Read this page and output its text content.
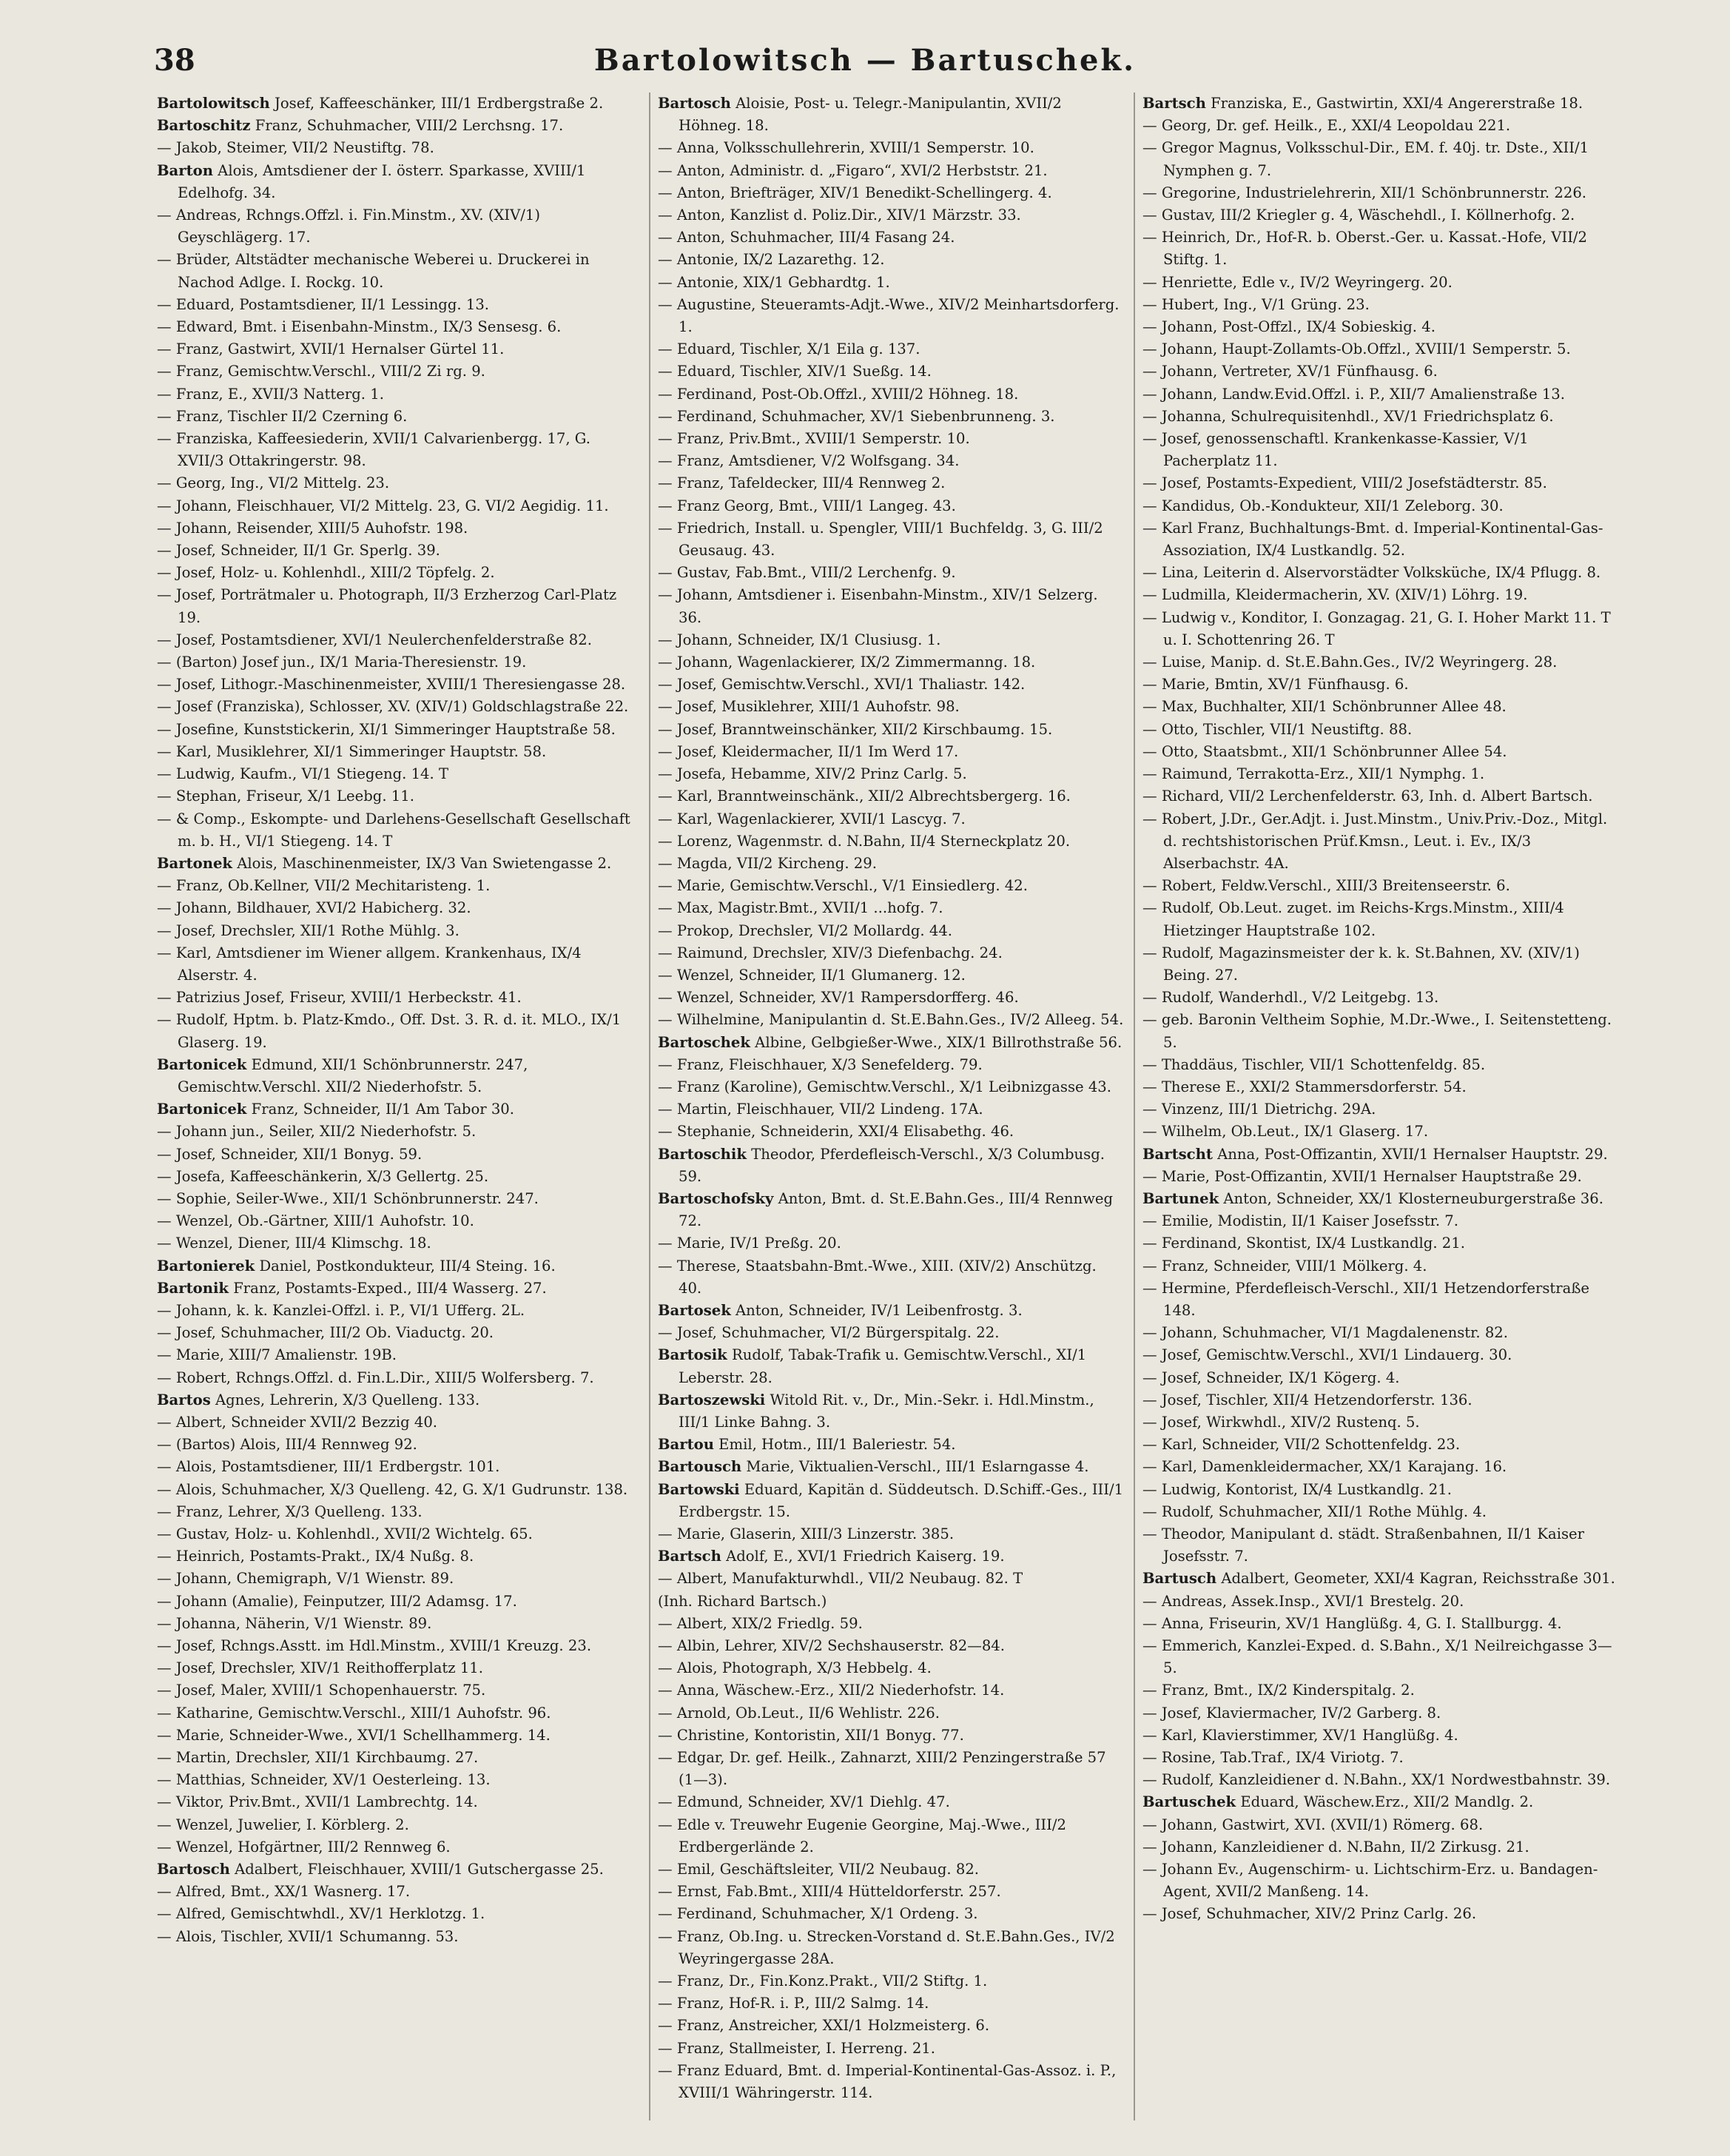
38	Bartolowitsch — Bartuschek.
Bartolowitsch Josef, Kaffeeschänker, III/1 Erdbergstraße 2.
Bartoschitz Franz, Schuhmacher, VIII/2 Lerchsng. 17.
— Jakob, Steimer, VII/2 Neustiftg. 78.
Barton Alois, Amtsdiener der I. österr. Sparkasse, XVIII/1 Edelhofg. 34.
— Andreas, Rchngs.Offzl. i. Fin.Minstm., XV. (XIV/1) Geyschlägerg. 17.
— Brüder, Altstädter mechanische Weberei u. Druckerei in Nachod Adlge. I. Rockg. 10.
— Eduard, Postamtsdiener, II/1 Lessingg. 13.
— Edward, Bmt. i Eisenbahn-Minstm., IX/3 Sensesg. 6.
— Franz, Gastwirt, XVII/1 Hernalser Gürtel 11.
— Franz, Gemischtw.Verschl., VIII/2 Zi rg. 9.
— Franz, E., XVII/3 Natterg. 1.
— Franz, Tischler II/2 Czerning 6.
— Franziska, Kaffeesiederin, XVII/1 Calvarienbergg. 17, G. XVII/3 Ottakringerstr. 98.
— Georg, Ing., VI/2 Mittelg. 23.
— Johann, Fleischhauer, VI/2 Mittelg. 23, G. VI/2 Aegidig. 11.
— Johann, Reisender, XIII/5 Auhofstr. 198.
— Josef, Schneider, II/1 Gr. Sperlg. 39.
— Josef, Holz- u. Kohlenhdl., XIII/2 Töpfelg. 2.
— Josef, Porträtmaler u. Photograph, II/3 Erzherzog Carl-Platz 19.
— Josef, Postamtsdiener, XVI/1 Neulerchenfelderstraße 82.
— (Barton) Josef jun., IX/1 Maria-Theresienstr. 19.
— Josef, Lithogr.-Maschinenmeister, XVIII/1 Theresiengasse 28.
— Josef (Franziska), Schlosser, XV. (XIV/1) Goldschlagstraße 22.
— Josefine, Kunststickerin, XI/1 Simmeringer Hauptstraße 58.
— Karl, Musiklehrer, XI/1 Simmeringer Hauptstr. 58.
— Ludwig, Kaufm., VI/1 Stiegeng. 14. T
— Stephan, Friseur, X/1 Leebg. 11.
— & Comp., Eskompte- und Darlehens-Gesellschaft Gesellschaft m. b. H., VI/1 Stiegeng. 14. T
Bartonek Alois, Maschinenmeister, IX/3 Van Swietengasse 2.
— Franz, Ob.Kellner, VII/2 Mechitaristeng. 1.
— Johann, Bildhauer, XVI/2 Habicherg. 32.
— Josef, Drechsler, XII/1 Rothe Mühlg. 3.
— Karl, Amtsdiener im Wiener allgem. Krankenhaus, IX/4 Alserstr. 4.
— Patrizius Josef, Friseur, XVIII/1 Herbeckstr. 41.
— Rudolf, Hptm. b. Platz-Kmdo., Off. Dst. 3. R. d. it. MLO., IX/1 Glaserg. 19.
Bartonicek Edmund, XII/1 Schönbrunnerstr. 247, Gemischtw.Verschl. XII/2 Niederhofstr. 5.
Bartonicek Franz, Schneider, II/1 Am Tabor 30.
— Johann jun., Seiler, XII/2 Niederhofstr. 5.
— Josef, Schneider, XII/1 Bonyg. 59.
— Josefa, Kaffeeschänkerin, X/3 Gellertg. 25.
— Sophie, Seiler-Wwe., XII/1 Schönbrunnerstr. 247.
— Wenzel, Ob.-Gärtner, XIII/1 Auhofstr. 10.
— Wenzel, Diener, III/4 Klimschg. 18.
Bartonierek Daniel, Postkondukteur, III/4 Steing. 16.
Bartonik Franz, Postamts-Exped., III/4 Wasserg. 27.
— Johann, k. k. Kanzlei-Offzl. i. P., VI/1 Ufferg. 2L.
— Josef, Schuhmacher, III/2 Ob. Viaductg. 20.
— Marie, XIII/7 Amalienstr. 19B.
— Robert, Rchngs.Offzl. d. Fin.L.Dir., XIII/5 Wolfersberg. 7.
Bartos Agnes, Lehrerin, X/3 Quelleng. 133.
— Albert, Schneider XVII/2 Bezzig 40.
— (Bartos) Alois, III/4 Rennweg 92.
— Alois, Postamtsdiener, III/1 Erdbergstr. 101.
— Alois, Schuhmacher, X/3 Quelleng. 42, G. X/1 Gudrunstr. 138.
— Franz, Lehrer, X/3 Quelleng. 133.
— Gustav, Holz- u. Kohlenhdl., XVII/2 Wichtelg. 65.
— Heinrich, Postamts-Prakt., IX/4 Nußg. 8.
— Johann, Chemigraph, V/1 Wienstr. 89.
— Johann (Amalie), Feinputzer, III/2 Adamsg. 17.
— Johanna, Näherin, V/1 Wienstr. 89.
— Josef, Rchngs.Asstt. im Hdl.Minstm., XVIII/1 Kreuzg. 23.
— Josef, Drechsler, XIV/1 Reithofferplatz 11.
— Josef, Maler, XVIII/1 Schopenhauerstr. 75.
— Katharine, Gemischtw.Verschl., XIII/1 Auhofstr. 96.
— Marie, Schneider-Wwe., XVI/1 Schellhammerg. 14.
— Martin, Drechsler, XII/1 Kirchbaumg. 27.
— Matthias, Schneider, XV/1 Oesterleing. 13.
— Viktor, Priv.Bmt., XVII/1 Lambrechtg. 14.
— Wenzel, Juwelier, I. Körblerg. 2.
— Wenzel, Hofgärtner, III/2 Rennweg 6.
Bartosch Adalbert, Fleischhauer, XVIII/1 Gutschergasse 25.
— Alfred, Bmt., XX/1 Wasnerg. 17.
— Alfred, Gemischtwhdl., XV/1 Herklotzg. 1.
— Alois, Tischler, XVII/1 Schumanng. 53.
Bartosch Aloisie, Post- u. Telegr.-Manipulantin, XVII/2 Höhneg. 18.
— Anna, Volksschullehrerin, XVIII/1 Semperstr. 10.
— Anton, Administr. d. „Figaro“, XVI/2 Herbststr. 21.
— Anton, Briefträger, XIV/1 Benedikt-Schellingerg. 4.
— Anton, Kanzlist d. Poliz.Dir., XIV/1 Märzstr. 33.
— Anton, Schuhmacher, III/4 Fasang 24.
— Antonie, IX/2 Lazarethg. 12.
— Antonie, XIX/1 Gebhardtg. 1.
— Augustine, Steueramts-Adjt.-Wwe., XIV/2 Meinhartsdorferg. 1.
— Eduard, Tischler, X/1 Eila g. 137.
— Eduard, Tischler, XIV/1 Sueßg. 14.
— Ferdinand, Post-Ob.Offzl., XVIII/2 Höhneg. 18.
— Ferdinand, Schuhmacher, XV/1 Siebenbrunneng. 3.
— Franz, Priv.Bmt., XVIII/1 Semperstr. 10.
— Franz, Amtsdiener, V/2 Wolfsgang. 34.
— Franz, Tafeldecker, III/4 Rennweg 2.
— Franz Georg, Bmt., VIII/1 Langeg. 43.
— Friedrich, Install. u. Spengler, VIII/1 Buchfeldg. 3, G. III/2 Geusaug. 43.
— Gustav, Fab.Bmt., VIII/2 Lerchenfg. 9.
— Johann, Amtsdiener i. Eisenbahn-Minstm., XIV/1 Selzerg. 36.
— Johann, Schneider, IX/1 Clusiusg. 1.
— Johann, Wagenlackierer, IX/2 Zimmermanng. 18.
— Josef, Gemischtw.Verschl., XVI/1 Thaliastr. 142.
— Josef, Musiklehrer, XIII/1 Auhofstr. 98.
— Josef, Branntweinschänker, XII/2 Kirschbaumg. 15.
— Josef, Kleidermacher, II/1 Im Werd 17.
— Josefa, Hebamme, XIV/2 Prinz Carlg. 5.
— Karl, Branntweinschänk., XII/2 Albrechtsbergerg. 16.
— Karl, Wagenlackierer, XVII/1 Lascyg. 7.
— Lorenz, Wagenmstr. d. N.Bahn, II/4 Sterneckplatz 20.
— Magda, VII/2 Kircheng. 29.
— Marie, Gemischtw.Verschl., V/1 Einsiedlerg. 42.
— Max, Magistr.Bmt., XVII/1 ...hofg. 7.
— Prokop, Drechsler, VI/2 Mollardg. 44.
— Raimund, Drechsler, XIV/3 Diefenbachg. 24.
— Wenzel, Schneider, II/1 Glumanerg. 12.
— Wenzel, Schneider, XV/1 Rampersdorfferg. 46.
— Wilhelmine, Manipulantin d. St.E.Bahn.Ges., IV/2 Alleeg. 54.
Bartoschek Albine, Gelbgießer-Wwe., XIX/1 Billrothstraße 56.
— Franz, Fleischhauer, X/3 Senefelderg. 79.
— Franz (Karoline), Gemischtw.Verschl., X/1 Leibnizgasse 43.
— Martin, Fleischhauer, VII/2 Lindeng. 17A.
— Stephanie, Schneiderin, XXI/4 Elisabethg. 46.
Bartoschik Theodor, Pferdefleisch-Verschl., X/3 Columbusg. 59.
Bartoschofsky Anton, Bmt. d. St.E.Bahn.Ges., III/4 Rennweg 72.
— Marie, IV/1 Preßg. 20.
— Therese, Staatsbahn-Bmt.-Wwe., XIII. (XIV/2) Anschützg. 40.
Bartosek Anton, Schneider, IV/1 Leibenfrostg. 3.
— Josef, Schuhmacher, VI/2 Bürgerspitalg. 22.
Bartosik Rudolf, Tabak-Trafik u. Gemischtw.Verschl., XI/1 Leberstr. 28.
Bartoszewski Witold Rit. v., Dr., Min.-Sekr. i. Hdl.Minstm., III/1 Linke Bahng. 3.
Bartou Emil, Hotm., III/1 Baleriestr. 54.
Bartousch Marie, Viktualien-Verschl., III/1 Eslarngasse 4.
Bartowski Eduard, Kapitän d. Süddeutsch. D.Schiff.-Ges., III/1 Erdbergstr. 15.
— Marie, Glaserin, XIII/3 Linzerstr. 385.
Bartsch Adolf, E., XVI/1 Friedrich Kaiserg. 19.
— Albert, Manufakturwhdl., VII/2 Neubaug. 82. T
(Inh. Richard Bartsch.)
— Albert, XIX/2 Friedlg. 59.
— Albin, Lehrer, XIV/2 Sechshauserstr. 82—84.
— Alois, Photograph, X/3 Hebbelg. 4.
— Anna, Wäschew.-Erz., XII/2 Niederhofstr. 14.
— Arnold, Ob.Leut., II/6 Wehlistr. 226.
— Christine, Kontoristin, XII/1 Bonyg. 77.
— Edgar, Dr. gef. Heilk., Zahnarzt, XIII/2 Penzingerstraße 57 (1—3).
— Edmund, Schneider, XV/1 Diehlg. 47.
— Edle v. Treuwehr Eugenie Georgine, Maj.-Wwe., III/2 Erdbergerlände 2.
— Emil, Geschäftsleiter, VII/2 Neubaug. 82.
— Ernst, Fab.Bmt., XIII/4 Hütteldorferstr. 257.
— Ferdinand, Schuhmacher, X/1 Ordeng. 3.
— Franz, Ob.Ing. u. Strecken-Vorstand d. St.E.Bahn.Ges., IV/2 Weyringergasse 28A.
— Franz, Dr., Fin.Konz.Prakt., VII/2 Stiftg. 1.
— Franz, Hof-R. i. P., III/2 Salmg. 14.
— Franz, Anstreicher, XXI/1 Holzmeisterg. 6.
— Franz, Stallmeister, I. Herreng. 21.
— Franz Eduard, Bmt. d. Imperial-Kontinental-Gas-Assoz. i. P., XVIII/1 Währingerstr. 114.
Bartsch Franziska, E., Gastwirtin, XXI/4 Angererstraße 18.
— Georg, Dr. gef. Heilk., E., XXI/4 Leopoldau 221.
— Gregor Magnus, Volksschul-Dir., EM. f. 40j. tr. Dste., XII/1 Nymphen g. 7.
— Gregorine, Industrielehrerin, XII/1 Schönbrunnerstr. 226.
— Gustav, III/2 Kriegler g. 4, Wäschehdl., I. Köllnerhofg. 2.
— Heinrich, Dr., Hof-R. b. Oberst.-Ger. u. Kassat.-Hofe, VII/2 Stiftg. 1.
— Henriette, Edle v., IV/2 Weyringerg. 20.
— Hubert, Ing., V/1 Grüng. 23.
— Johann, Post-Offzl., IX/4 Sobieskig. 4.
— Johann, Haupt-Zollamts-Ob.Offzl., XVIII/1 Semperstr. 5.
— Johann, Vertreter, XV/1 Fünfhausg. 6.
— Johann, Landw.Evid.Offzl. i. P., XII/7 Amalienstraße 13.
— Johanna, Schulrequisitenhdl., XV/1 Friedrichsplatz 6.
— Josef, genossenschaftl. Krankenkasse-Kassier, V/1 Pacherplatz 11.
— Josef, Postamts-Expedient, VIII/2 Josefstädterstr. 85.
— Kandidus, Ob.-Kondukteur, XII/1 Zeleborg. 30.
— Karl Franz, Buchhaltungs-Bmt. d. Imperial-Kontinental-Gas-Assoziation, IX/4 Lustkandlg. 52.
— Lina, Leiterin d. Alservorstädter Volksküche, IX/4 Pflugg. 8.
— Ludmilla, Kleidermacherin, XV. (XIV/1) Löhrg. 19.
— Ludwig v., Konditor, I. Gonzagag. 21, G. I. Hoher Markt 11. T u. I. Schottenring 26. T
— Luise, Manip. d. St.E.Bahn.Ges., IV/2 Weyringerg. 28.
— Marie, Bmtin, XV/1 Fünfhausg. 6.
— Max, Buchhalter, XII/1 Schönbrunner Allee 48.
— Otto, Tischler, VII/1 Neustiftg. 88.
— Otto, Staatsbmt., XII/1 Schönbrunner Allee 54.
— Raimund, Terrakotta-Erz., XII/1 Nymphg. 1.
— Richard, VII/2 Lerchenfelderstr. 63, Inh. d. Albert Bartsch.
— Robert, J.Dr., Ger.Adjt. i. Just.Minstm., Univ.Priv.-Doz., Mitgl. d. rechtshistorischen Prüf.Kmsn., Leut. i. Ev., IX/3 Alserbachstr. 4A.
— Robert, Feldw.Verschl., XIII/3 Breitenseerstr. 6.
— Rudolf, Ob.Leut. zuget. im Reichs-Krgs.Minstm., XIII/4 Hietzinger Hauptstraße 102.
— Rudolf, Magazinsmeister der k. k. St.Bahnen, XV. (XIV/1) Being. 27.
— Rudolf, Wanderhdl., V/2 Leitgebg. 13.
— geb. Baronin Veltheim Sophie, M.Dr.-Wwe., I. Seitenstetteng. 5.
— Thaddäus, Tischler, VII/1 Schottenfeldg. 85.
— Therese E., XXI/2 Stammersdorferstr. 54.
— Vinzenz, III/1 Dietrichg. 29A.
— Wilhelm, Ob.Leut., IX/1 Glaserg. 17.
Bartscht Anna, Post-Offizantin, XVII/1 Hernalser Hauptstr. 29.
— Marie, Post-Offizantin, XVII/1 Hernalser Hauptstraße 29.
Bartunek Anton, Schneider, XX/1 Klosterneuburgerstraße 36.
— Emilie, Modistin, II/1 Kaiser Josefsstr. 7.
— Ferdinand, Skontist, IX/4 Lustkandlg. 21.
— Franz, Schneider, VIII/1 Mölkerg. 4.
— Hermine, Pferdefleisch-Verschl., XII/1 Hetzendorferstraße 148.
— Johann, Schuhmacher, VI/1 Magdalenenstr. 82.
— Josef, Gemischtw.Verschl., XVI/1 Lindauerg. 30.
— Josef, Schneider, IX/1 Kögerg. 4.
— Josef, Tischler, XII/4 Hetzendorferstr. 136.
— Josef, Wirkwhdl., XIV/2 Rustenq. 5.
— Karl, Schneider, VII/2 Schottenfeldg. 23.
— Karl, Damenkleidermacher, XX/1 Karajang. 16.
— Ludwig, Kontorist, IX/4 Lustkandlg. 21.
— Rudolf, Schuhmacher, XII/1 Rothe Mühlg. 4.
— Theodor, Manipulant d. städt. Straßenbahnen, II/1 Kaiser Josefsstr. 7.
Bartusch Adalbert, Geometer, XXI/4 Kagran, Reichsstraße 301.
— Andreas, Assek.Insp., XVI/1 Brestelg. 20.
— Anna, Friseurin, XV/1 Hanglüßg. 4, G. I. Stallburgg. 4.
— Emmerich, Kanzlei-Exped. d. S.Bahn., X/1 Neilreichgasse 3—5.
— Franz, Bmt., IX/2 Kinderspitalg. 2.
— Josef, Klaviermacher, IV/2 Garberg. 8.
— Karl, Klavierstimmer, XV/1 Hanglüßg. 4.
— Rosine, Tab.Traf., IX/4 Viriotg. 7.
— Rudolf, Kanzleidiener d. N.Bahn., XX/1 Nordwestbahnstr. 39.
Bartuschek Eduard, Wäschew.Erz., XII/2 Mandlg. 2.
— Johann, Gastwirt, XVI. (XVII/1) Römerg. 68.
— Johann, Kanzleidiener d. N.Bahn, II/2 Zirkusg. 21.
— Johann Ev., Augenschirm- u. Lichtschirm-Erz. u. Bandagen-Agent, XVII/2 Manßeng. 14.
— Josef, Schuhmacher, XIV/2 Prinz Carlg. 26.
